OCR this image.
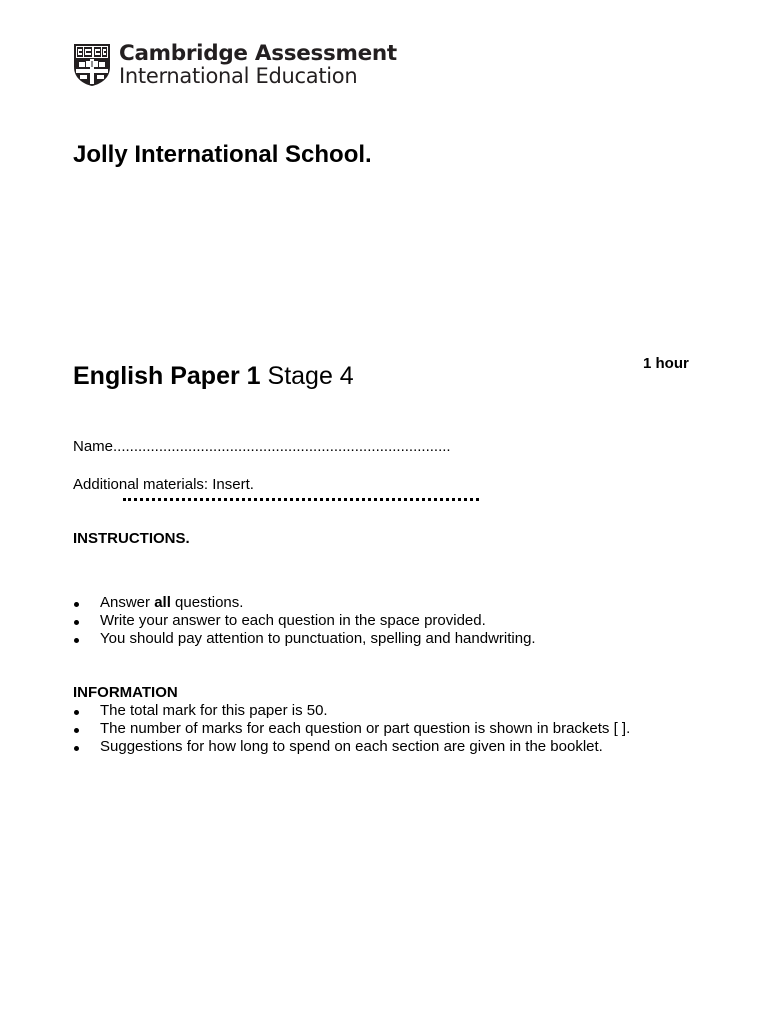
Cambridge Assessment
International Education
Jolly International School.
English Paper 1 Stage 4	1 hour
Name.................................................................................
Additional materials: Insert.
INSTRUCTIONS.
Answer all questions.
Write your answer to each question in the space provided.
You should pay attention to punctuation, spelling and handwriting.
INFORMATION
The total mark for this paper is 50.
The number of marks for each question or part question is shown in brackets [ ].
Suggestions for how long to spend on each section are given in the booklet.
